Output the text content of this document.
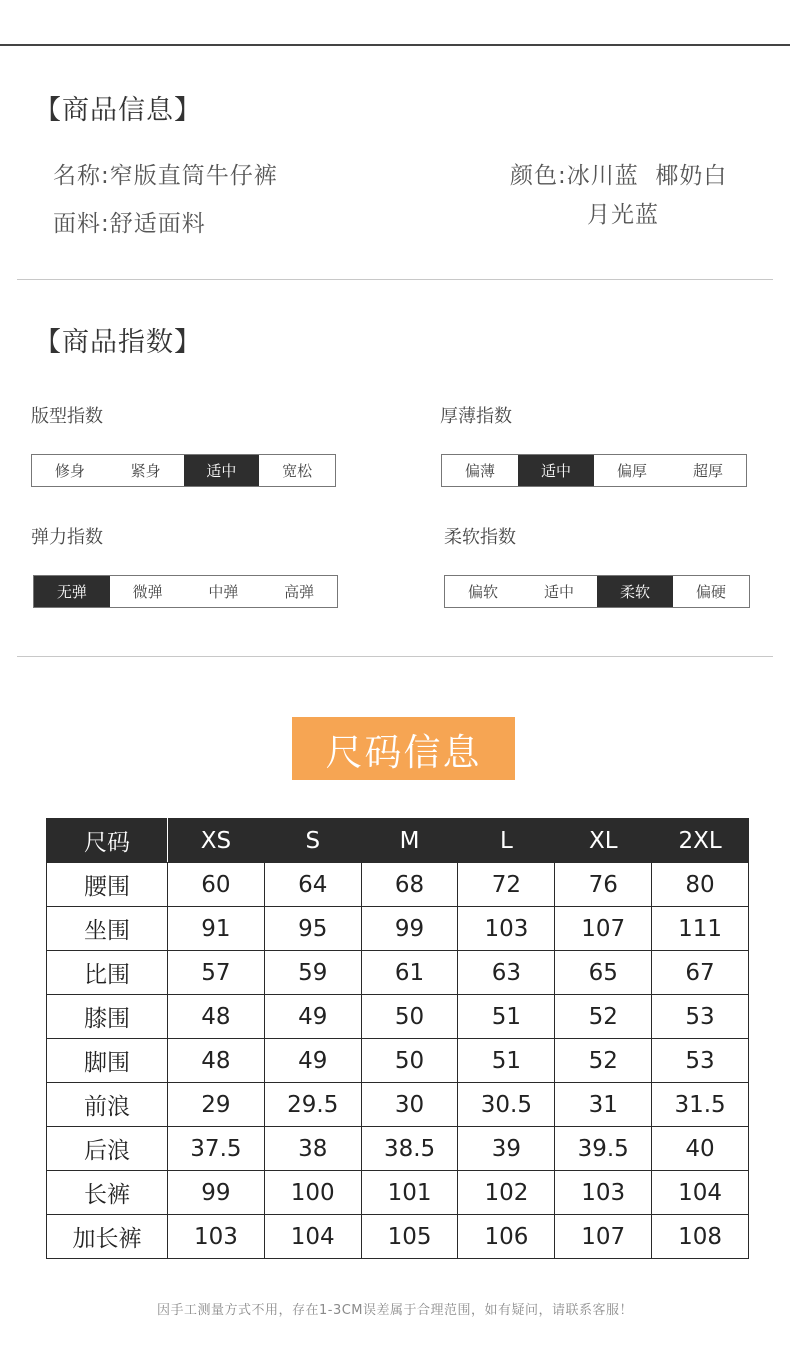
【商品信息】
名称:窄版直筒牛仔裤
面料:舒适面料
颜色:冰川蓝  椰奶白
月光蓝
【商品指数】
版型指数
修身	紧身	适中	宽松
厚薄指数
偏薄	适中	偏厚	超厚
弹力指数
无弹	微弹	中弹	高弹
柔软指数
偏软	适中	柔软	偏硬
尺码信息
尺码	XS	S	M	L	XL	2XL
腰围	60	64	68	72	76	80
坐围	91	95	99	103	107	111
比围	57	59	61	63	65	67
膝围	48	49	50	51	52	53
脚围	48	49	50	51	52	53
前浪	29	29.5	30	30.5	31	31.5
后浪	37.5	38	38.5	39	39.5	40
长裤	99	100	101	102	103	104
加长裤	103	104	105	106	107	108
因手工测量方式不用，存在1-3CM误差属于合理范围，如有疑问，请联系客服！
